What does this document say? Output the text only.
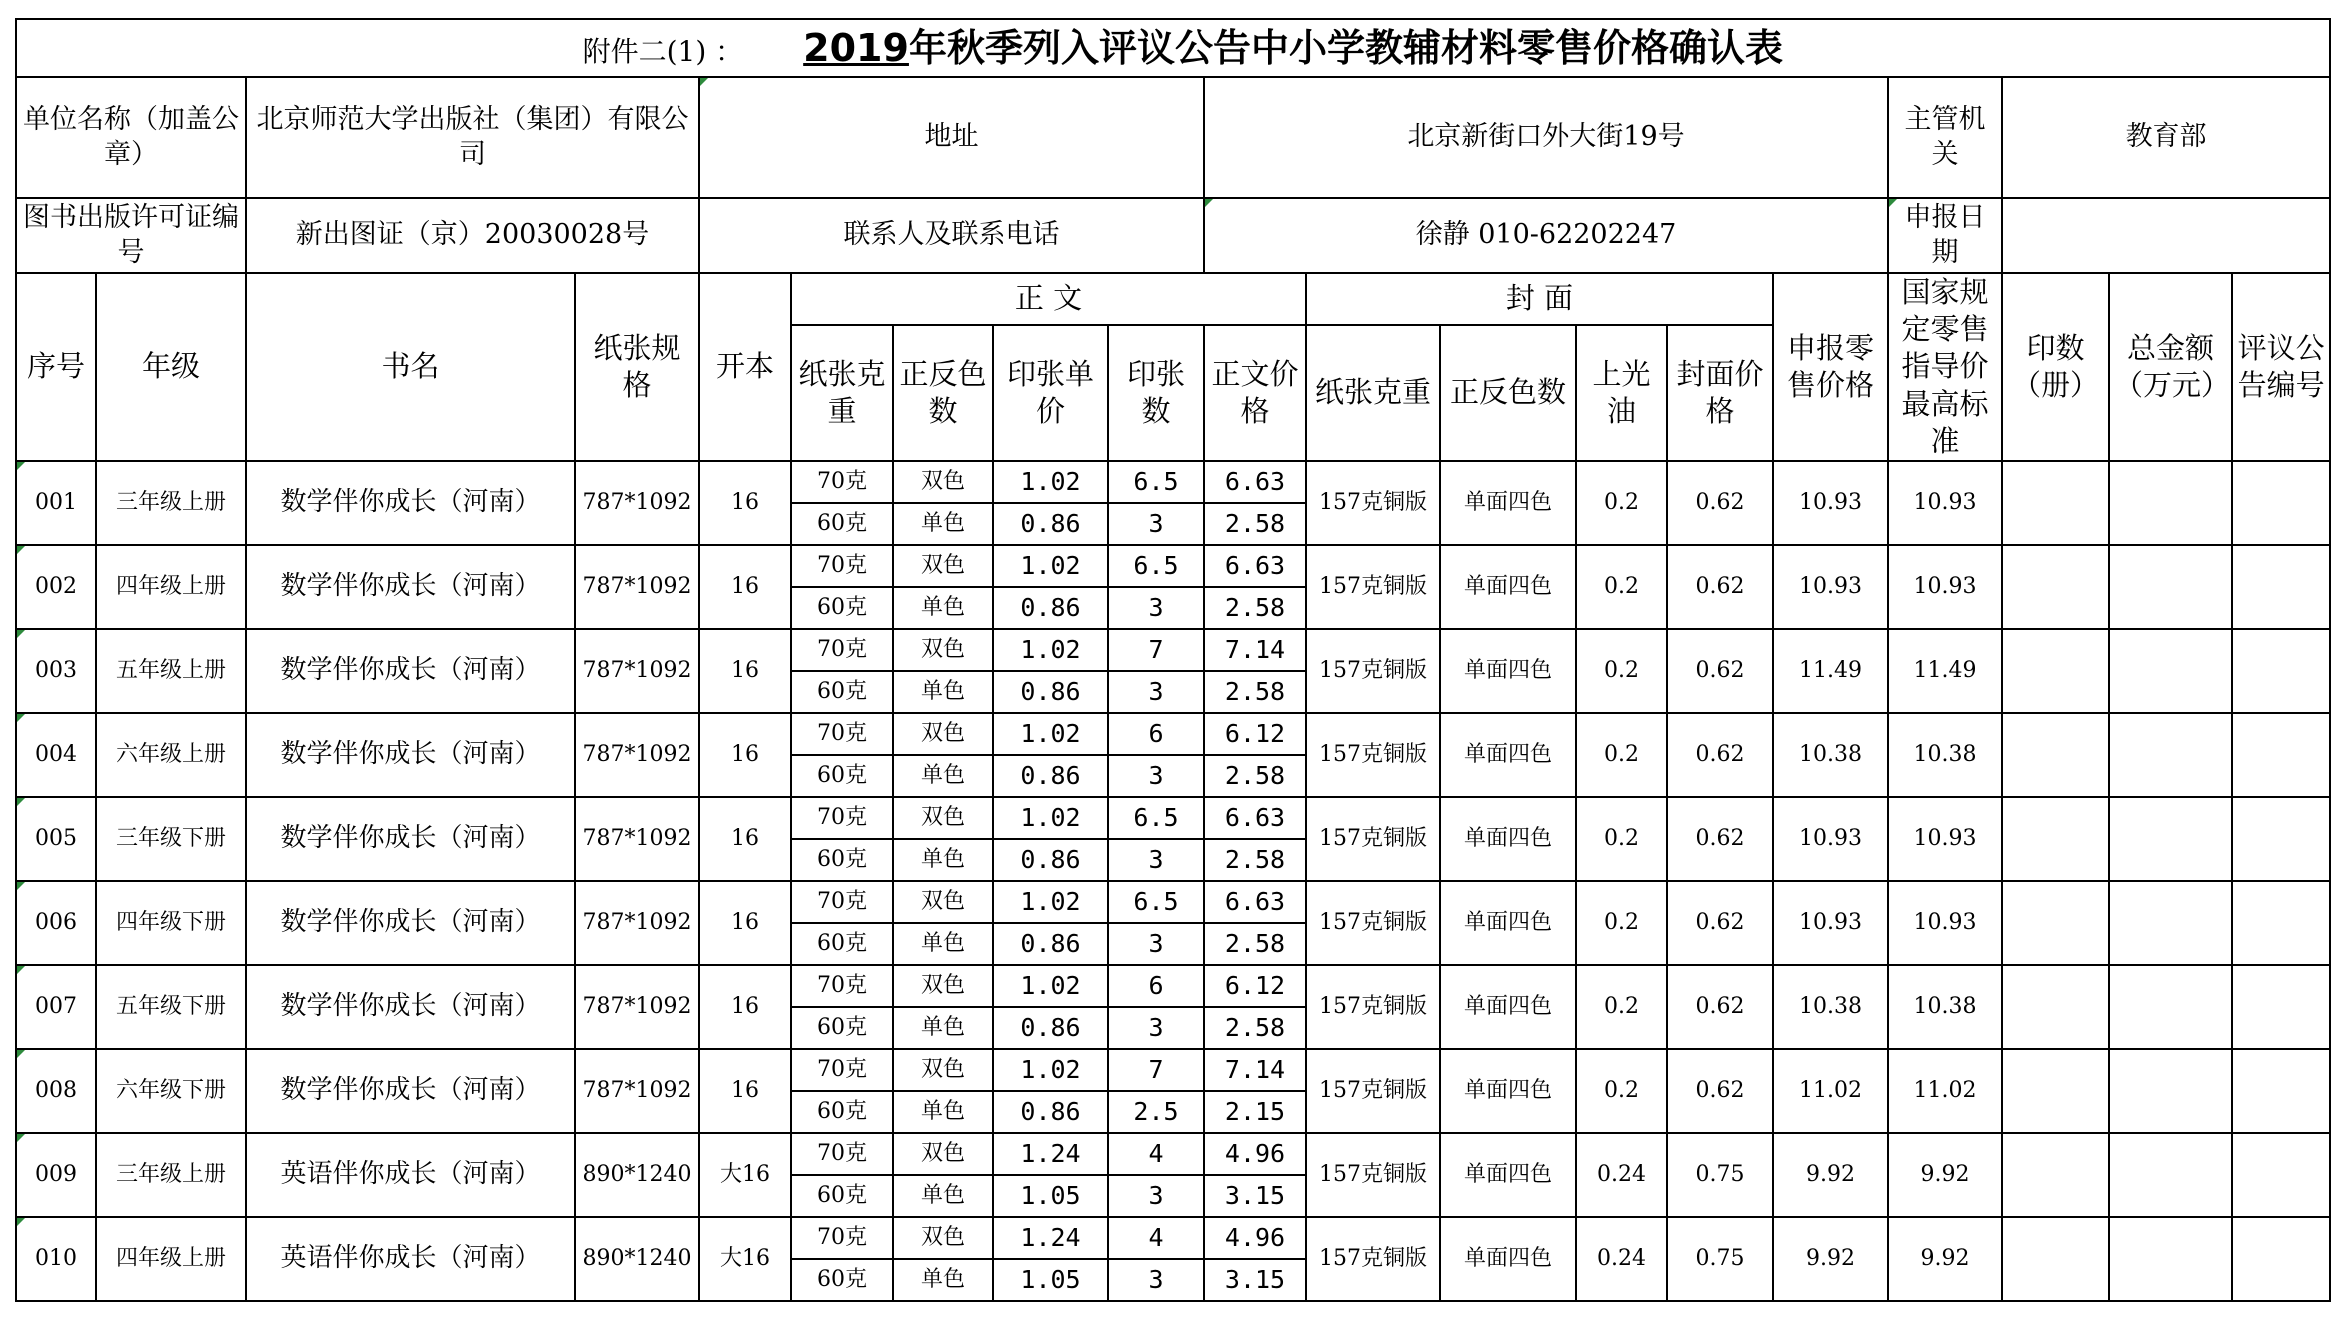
附件二(1) ： 2019年秋季列入评议公告中小学教辅材料零售价格确认表																		
单位名称（加盖公章）		北京师范大学出版社（集团）有限公司		地址					北京新街口外大街19号						主管机关	教育部		
图书出版许可证编号		新出图证（京）20030028号		联系人及联系电话					徐静 010-62202247						申报日期			
序号	年级	书名	纸张规格	开本	正 文					封 面				申报零售价格	国家规定零售指导价最高标准	印数（册）	总金额（万元）	评议公告编号
					纸张克重	正反色数	印张单价	印张数	正文价格	纸张克重	正反色数	上光油	封面价格					
001	三年级上册	数学伴你成长（河南）	787*1092	16	70克	双色	1.02	6.5	6.63	157克铜版	单面四色	0.2	0.62	10.93	10.93			
					60克	单色	0.86	3	2.58									
002	四年级上册	数学伴你成长（河南）	787*1092	16	70克	双色	1.02	6.5	6.63	157克铜版	单面四色	0.2	0.62	10.93	10.93			
					60克	单色	0.86	3	2.58									
003	五年级上册	数学伴你成长（河南）	787*1092	16	70克	双色	1.02	7	7.14	157克铜版	单面四色	0.2	0.62	11.49	11.49			
					60克	单色	0.86	3	2.58									
004	六年级上册	数学伴你成长（河南）	787*1092	16	70克	双色	1.02	6	6.12	157克铜版	单面四色	0.2	0.62	10.38	10.38			
					60克	单色	0.86	3	2.58									
005	三年级下册	数学伴你成长（河南）	787*1092	16	70克	双色	1.02	6.5	6.63	157克铜版	单面四色	0.2	0.62	10.93	10.93			
					60克	单色	0.86	3	2.58									
006	四年级下册	数学伴你成长（河南）	787*1092	16	70克	双色	1.02	6.5	6.63	157克铜版	单面四色	0.2	0.62	10.93	10.93			
					60克	单色	0.86	3	2.58									
007	五年级下册	数学伴你成长（河南）	787*1092	16	70克	双色	1.02	6	6.12	157克铜版	单面四色	0.2	0.62	10.38	10.38			
					60克	单色	0.86	3	2.58									
008	六年级下册	数学伴你成长（河南）	787*1092	16	70克	双色	1.02	7	7.14	157克铜版	单面四色	0.2	0.62	11.02	11.02			
					60克	单色	0.86	2.5	2.15									
009	三年级上册	英语伴你成长（河南）	890*1240	大16	70克	双色	1.24	4	4.96	157克铜版	单面四色	0.24	0.75	9.92	9.92			
					60克	单色	1.05	3	3.15									
010	四年级上册	英语伴你成长（河南）	890*1240	大16	70克	双色	1.24	4	4.96	157克铜版	单面四色	0.24	0.75	9.92	9.92			
					60克	单色	1.05	3	3.15									
